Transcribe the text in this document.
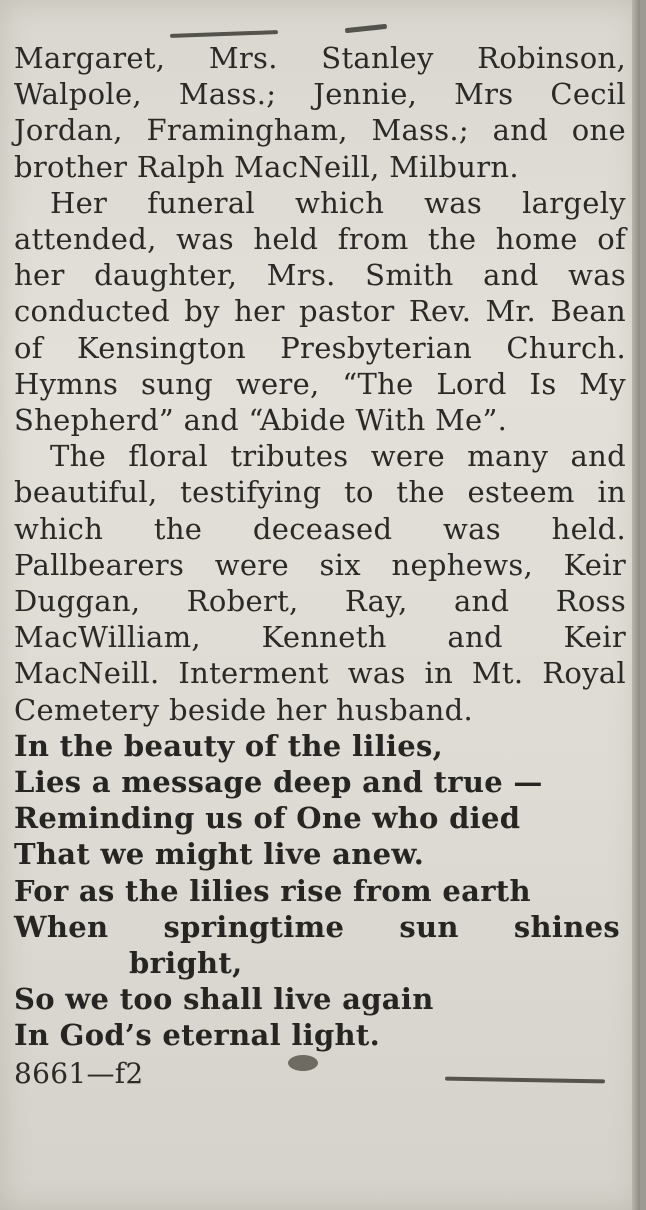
Margaret, Mrs. Stanley Robinson, Walpole, Mass.; Jennie, Mrs Cecil Jordan, Framingham, Mass.; and one brother Ralph MacNeill, Milburn.

Her funeral which was largely attended, was held from the home of her daughter, Mrs. Smith and was conducted by her pastor Rev. Mr. Bean of Kensington Presbyterian Church. Hymns sung were, “The Lord Is My Shepherd” and “Abide With Me”.

The floral tributes were many and beautiful, testifying to the esteem in which the deceased was held. Pallbearers were six nephews, Keir Duggan, Robert, Ray, and Ross MacWilliam, Kenneth and Keir MacNeill. Interment was in Mt. Royal Cemetery beside her husband.

In the beauty of the lilies,
Lies a message deep and true —
Reminding us of One who died
That we might live anew.
For as the lilies rise from earth
When springtime sun shines
bright,
So we too shall live again
In God’s eternal light.
8661—f2
